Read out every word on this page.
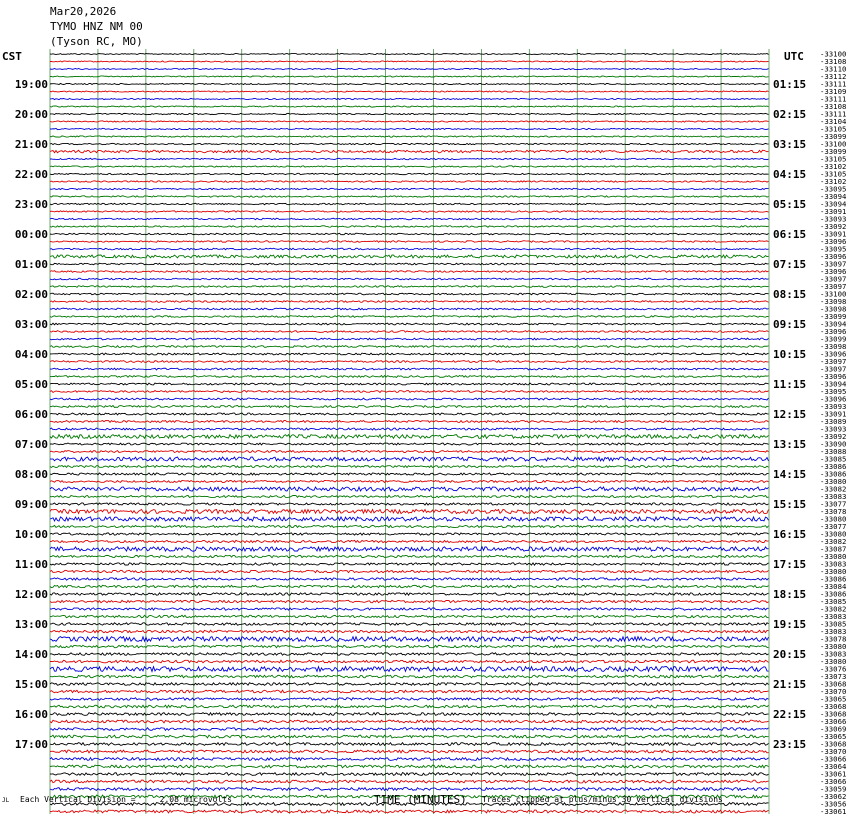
Mar20,2026
TYMO HNZ NM 00
(Tyson RC, MO)
CST	UTC -33100
-33108
-33110
-33112
-33111
-33109
-33111
-33108
-33111
-33104
-33105
-33099
-33100
-33099
-33105
-33102
-33105
-33102
-33095
-33094
-33094
-33091
-33093
-33092
-33091
-33096
-33095
-33096
-33097
-33096
-33097
-33097
-33100
-33098
-33098
-33099
-33094
-33096
-33099
-33098
-33096
-33097
-33097
-33096
-33094
-33095
-33096
-33093
-33091
-33089
-33093
-33092
-33090
-33088
-33085
-33086
-33086
-33080
-33082
-33083
-33077
-33078
-33080
-33077
-33080
-33082
-33087
-33080
-33083
-33080
-33086
-33084
-33086
-33085
-33082
-33083
-33085
-33083
-33078
-33080
-33083
-33080
-33076
-33073
-33068
-33070
-33065
-33068
-33068
-33066
-33069
-33065
-33068
-33070
-33066
-33064
-33061
-33066
-33059
-33062
-33056
-33061
19:00
20:00
21:00
22:00
23:00
00:00
01:00
02:00
03:00
04:00
05:00
06:00
07:00
08:00
09:00
10:00
11:00
12:00
13:00
14:00
15:00
16:00
17:00
01:15
02:15
03:15
04:15
05:15
06:15
07:15
08:15
09:15
10:15
11:15
12:15
13:15
14:15
15:15
16:15
17:15
18:15
19:15
20:15
21:15
22:15
23:15
JL Each Vertical Division =     2.08 microvolts	TIME (MINUTES) Traces clipped at plus/minus 30 vertical divisions
